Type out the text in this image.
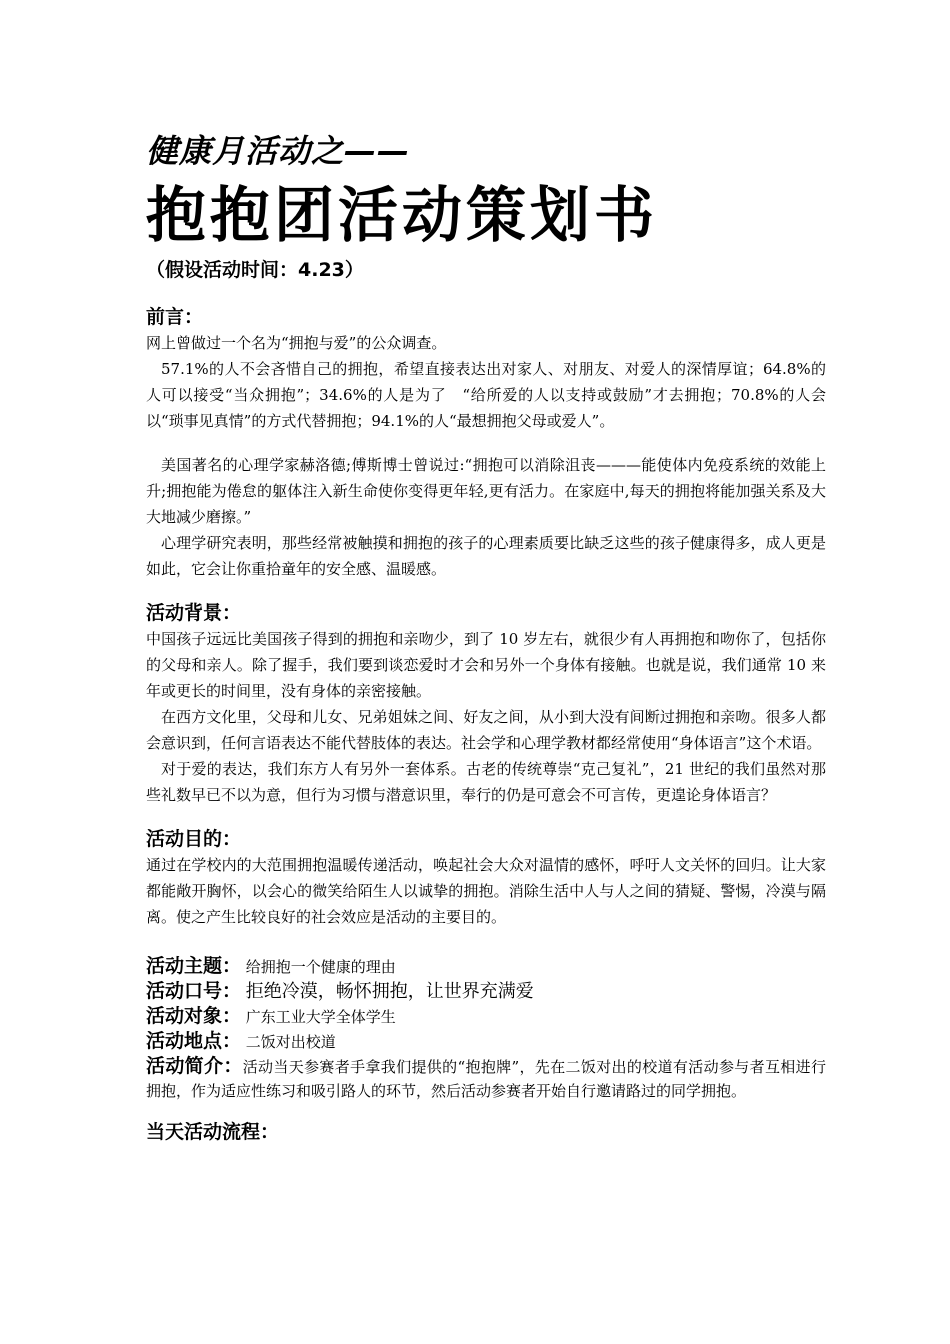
健康月活动之——
抱抱团活动策划书
（假设活动时间：4.23）
前言：
网上曾做过一个名为“拥抱与爱”的公众调查。
57.1%的人不会吝惜自己的拥抱，希望直接表达出对家人、对朋友、对爱人的深情厚谊；64.8%的人可以接受“当众拥抱”；34.6%的人是为了　“给所爱的人以支持或鼓励”才去拥抱；70.8%的人会以“琐事见真情”的方式代替拥抱；94.1%的人“最想拥抱父母或爱人”。
美国著名的心理学家赫洛德;傅斯博士曾说过:“拥抱可以消除沮丧———能使体内免疫系统的效能上升;拥抱能为倦怠的躯体注入新生命使你变得更年轻,更有活力。在家庭中,每天的拥抱将能加强关系及大大地减少磨擦。”
心理学研究表明，那些经常被触摸和拥抱的孩子的心理素质要比缺乏这些的孩子健康得多，成人更是如此，它会让你重拾童年的安全感、温暖感。
活动背景：
中国孩子远远比美国孩子得到的拥抱和亲吻少，到了 10 岁左右，就很少有人再拥抱和吻你了，包括你的父母和亲人。除了握手，我们要到谈恋爱时才会和另外一个身体有接触。也就是说，我们通常 10 来年或更长的时间里，没有身体的亲密接触。
在西方文化里，父母和儿女、兄弟姐妹之间、好友之间，从小到大没有间断过拥抱和亲吻。很多人都会意识到，任何言语表达不能代替肢体的表达。社会学和心理学教材都经常使用“身体语言”这个术语。
对于爱的表达，我们东方人有另外一套体系。古老的传统尊崇“克己复礼”，21 世纪的我们虽然对那些礼数早已不以为意，但行为习惯与潜意识里，奉行的仍是可意会不可言传，更遑论身体语言？
活动目的：
通过在学校内的大范围拥抱温暖传递活动，唤起社会大众对温情的感怀，呼吁人文关怀的回归。让大家都能敞开胸怀，以会心的微笑给陌生人以诚挚的拥抱。消除生活中人与人之间的猜疑、警惕，冷漠与隔离。使之产生比较良好的社会效应是活动的主要目的。
活动主题： 给拥抱一个健康的理由
活动口号： 拒绝冷漠，畅怀拥抱，让世界充满爱
活动对象： 广东工业大学全体学生
活动地点： 二饭对出校道
活动简介：活动当天参赛者手拿我们提供的“抱抱牌”，先在二饭对出的校道有活动参与者互相进行拥抱，作为适应性练习和吸引路人的环节，然后活动参赛者开始自行邀请路过的同学拥抱。
当天活动流程：
